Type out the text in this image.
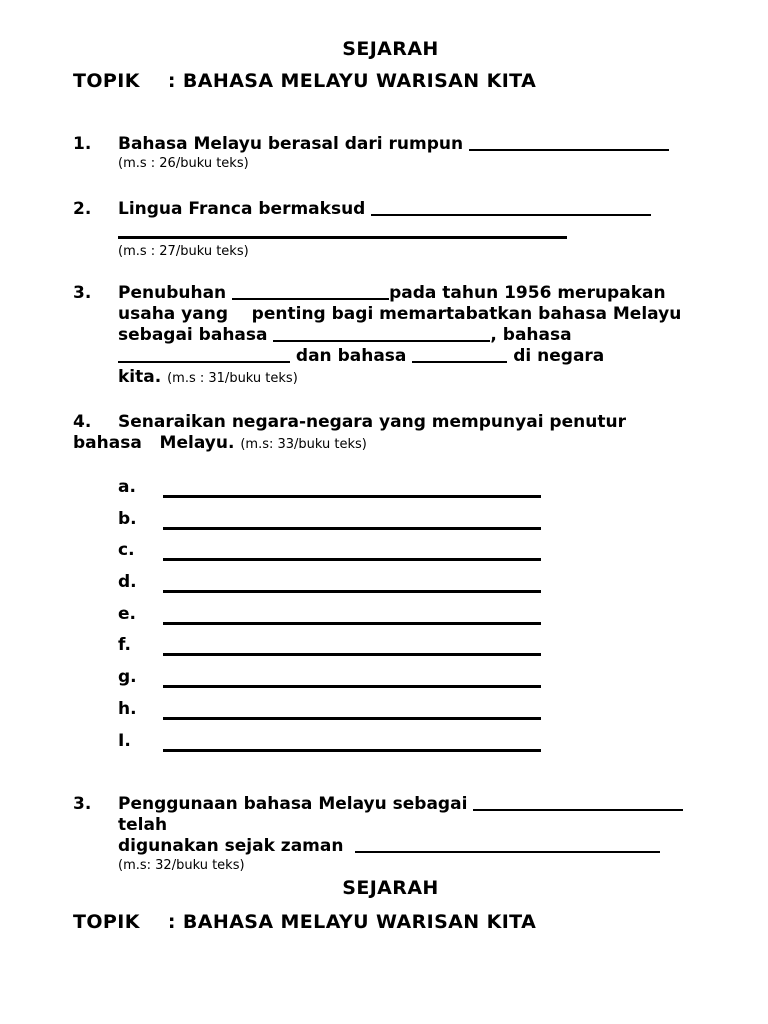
SEJARAH
TOPIK    : BAHASA MELAYU WARISAN KITA
1.	Bahasa Melayu berasal dari rumpun
(m.s : 26/buku teks)
2.	Lingua Franca bermaksud
(m.s : 27/buku teks)
3.	Penubuhan	pada tahun 1956 merupakan
usaha yang    penting bagi memartabatkan bahasa Melayu
sebagai bahasa	, bahasa
dan bahasa	di negara
kita. (m.s : 31/buku teks)
4.	Senaraikan negara-negara yang mempunyai penutur
bahasa   Melayu. (m.s: 33/buku teks)
a.
b.
c.
d.
e.
f.
g.
h.
I.
3.	Penggunaan bahasa Melayu sebagai telah
digunakan sejak zaman
(m.s: 32/buku teks)
SEJARAH
TOPIK    : BAHASA MELAYU WARISAN KITA
